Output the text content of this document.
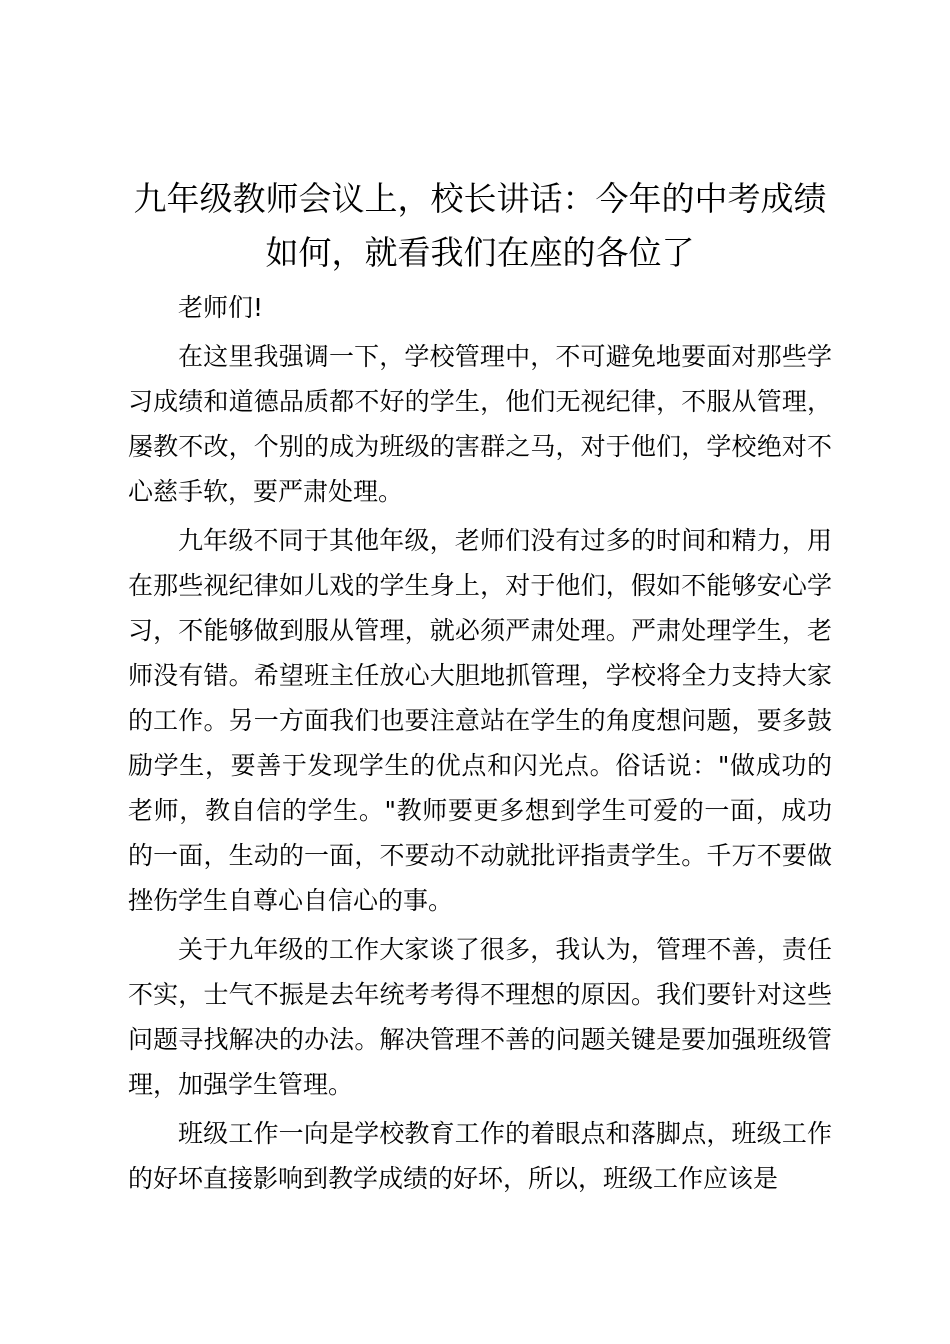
九年级教师会议上，校长讲话：今年的中考成绩如何，就看我们在座的各位了

老师们!

在这里我强调一下，学校管理中，不可避免地要面对那些学习成绩和道德品质都不好的学生，他们无视纪律，不服从管理，屡教不改，个别的成为班级的害群之马，对于他们，学校绝对不心慈手软，要严肃处理。

九年级不同于其他年级，老师们没有过多的时间和精力，用在那些视纪律如儿戏的学生身上，对于他们，假如不能够安心学习，不能够做到服从管理，就必须严肃处理。严肃处理学生，老师没有错。希望班主任放心大胆地抓管理，学校将全力支持大家的工作。另一方面我们也要注意站在学生的角度想问题，要多鼓励学生，要善于发现学生的优点和闪光点。俗话说："做成功的老师，教自信的学生。"教师要更多想到学生可爱的一面，成功的一面，生动的一面，不要动不动就批评指责学生。千万不要做挫伤学生自尊心自信心的事。

关于九年级的工作大家谈了很多，我认为，管理不善，责任不实，士气不振是去年统考考得不理想的原因。我们要针对这些问题寻找解决的办法。解决管理不善的问题关键是要加强班级管理，加强学生管理。

班级工作一向是学校教育工作的着眼点和落脚点，班级工作的好坏直接影响到教学成绩的好坏，所以，班级工作应该是
